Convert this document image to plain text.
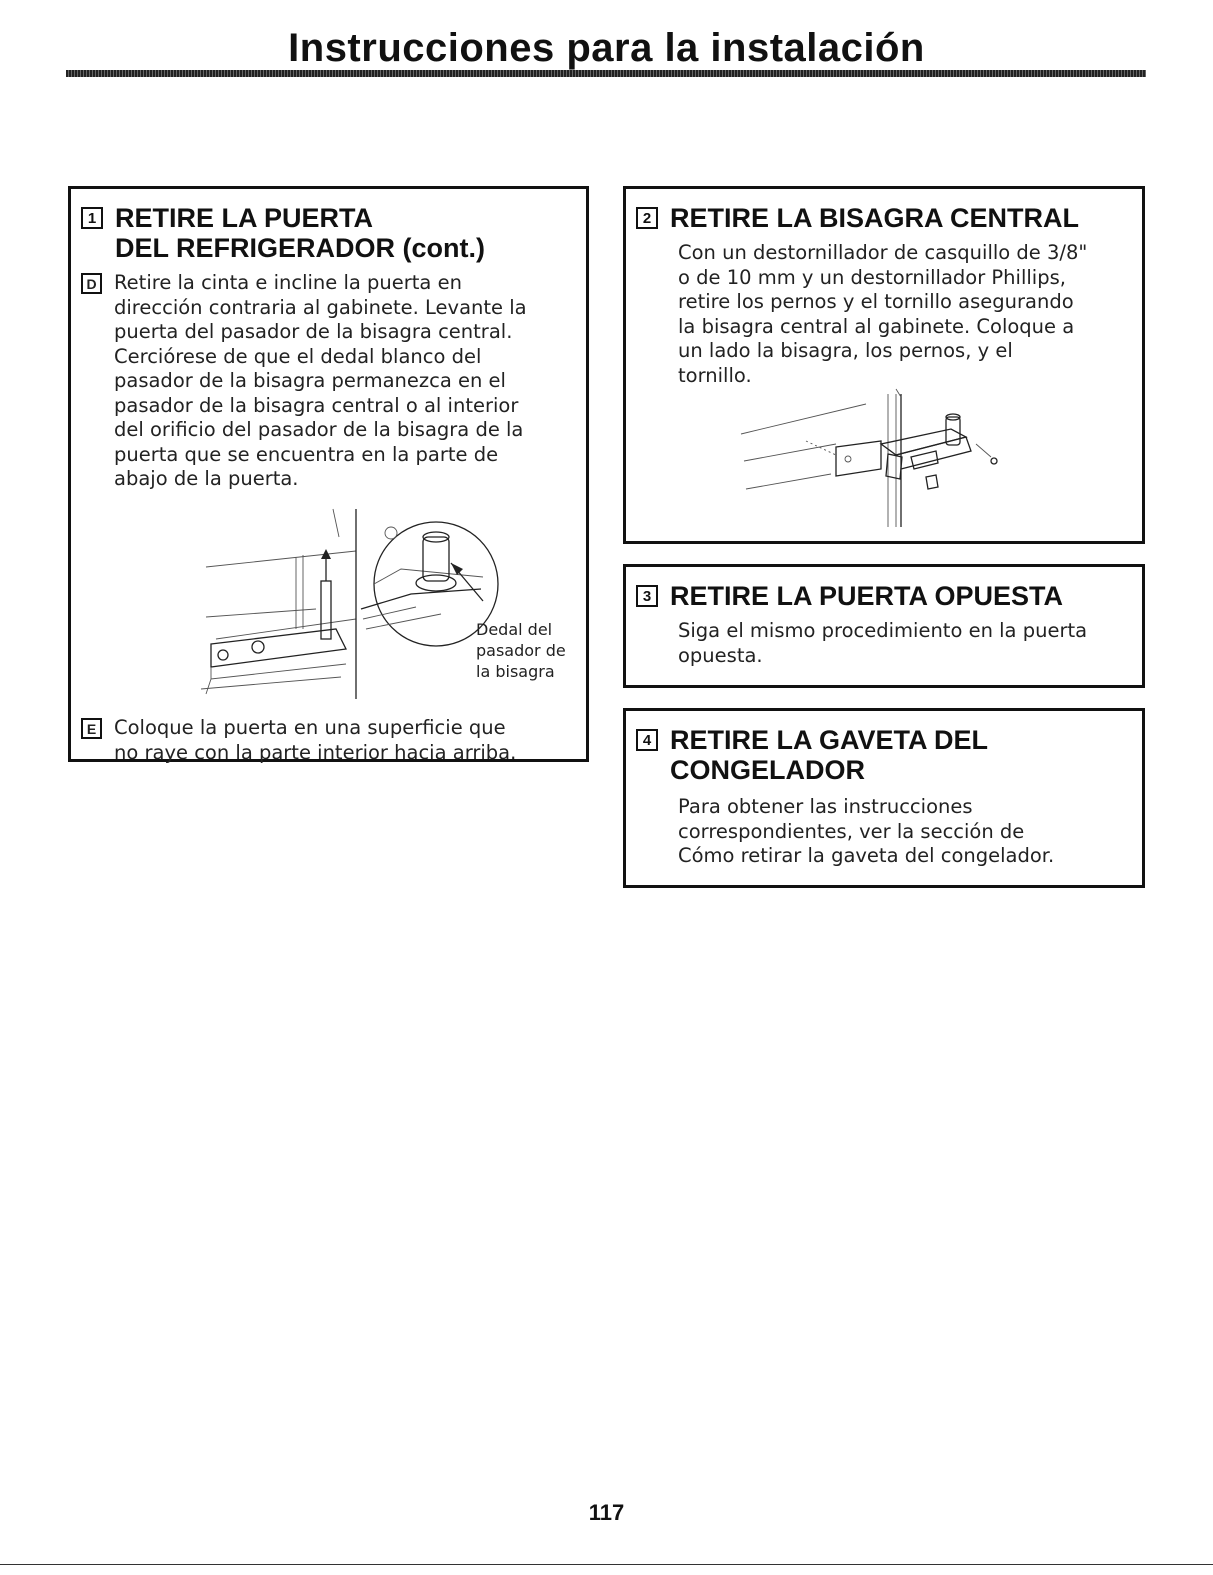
Instrucciones para la instalación
1 RETIRE LA PUERTA
DEL REFRIGERADOR (cont.)
D Retire la cinta e incline la puerta en
dirección contraria al gabinete. Levante la
puerta del pasador de la bisagra central.
Cerciórese de que el dedal blanco del
pasador de la bisagra permanezca en el
pasador de la bisagra central o al interior
del orificio del pasador de la bisagra de la
puerta que se encuentra en la parte de
abajo de la puerta.
Dedal del
pasador de
la bisagra
E Coloque la puerta en una superficie que
no raye con la parte interior hacia arriba.
2 RETIRE LA BISAGRA CENTRAL
Con un destornillador de casquillo de 3/8"
o de 10 mm y un destornillador Phillips,
retire los pernos y el tornillo asegurando
la bisagra central al gabinete. Coloque a
un lado la bisagra, los pernos, y el
tornillo.
3 RETIRE LA PUERTA OPUESTA
Siga el mismo procedimiento en la puerta
opuesta.
4 RETIRE LA GAVETA DEL
CONGELADOR
Para obtener las instrucciones
correspondientes, ver la sección de
Cómo retirar la gaveta del congelador.
117
